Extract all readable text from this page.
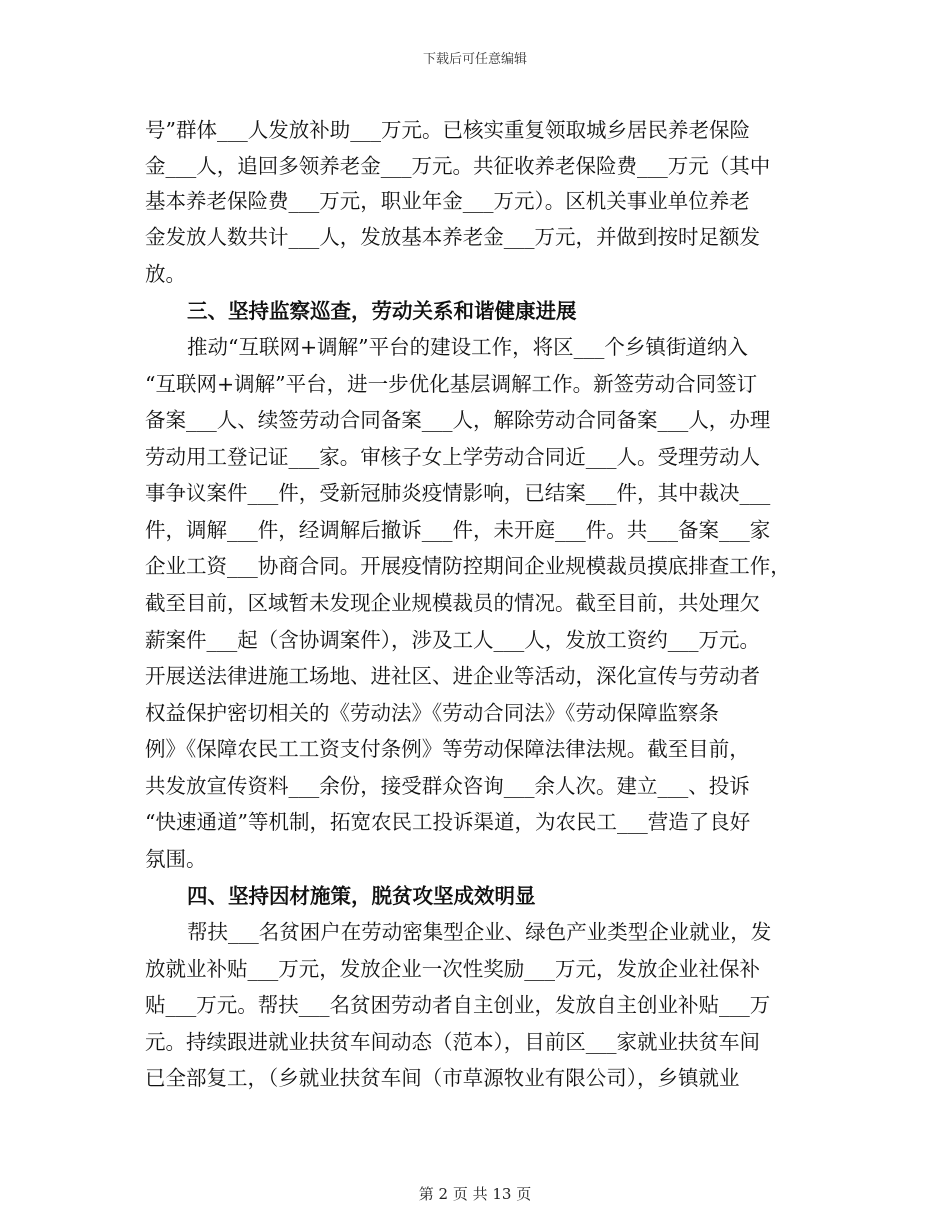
下载后可任意编辑
号”群体___人发放补助___万元。已核实重复领取城乡居民养老保险
金___人，追回多领养老金___万元。共征收养老保险费___万元（其中
基本养老保险费___万元，职业年金___万元）。区机关事业单位养老
金发放人数共计___人，发放基本养老金___万元，并做到按时足额发
放。
三、坚持监察巡查，劳动关系和谐健康进展
推动“互联网+调解”平台的建设工作，将区___个乡镇街道纳入
“互联网+调解”平台，进一步优化基层调解工作。新签劳动合同签订
备案___人、续签劳动合同备案___人，解除劳动合同备案___人，办理
劳动用工登记证___家。审核子女上学劳动合同近___人。受理劳动人
事争议案件___件，受新冠肺炎疫情影响，已结案___件，其中裁决___
件，调解___件，经调解后撤诉___件，未开庭___件。共___备案___家
企业工资___协商合同。开展疫情防控期间企业规模裁员摸底排查工作，
截至目前，区域暂未发现企业规模裁员的情况。截至目前，共处理欠
薪案件___起（含协调案件），涉及工人___人，发放工资约___万元。
开展送法律进施工场地、进社区、进企业等活动，深化宣传与劳动者
权益保护密切相关的《劳动法》《劳动合同法》《劳动保障监察条
例》《保障农民工工资支付条例》等劳动保障法律法规。截至目前，
共发放宣传资料___余份，接受群众咨询___余人次。建立___、投诉
“快速通道”等机制，拓宽农民工投诉渠道，为农民工___营造了良好
氛围。
四、坚持因材施策，脱贫攻坚成效明显
帮扶___名贫困户在劳动密集型企业、绿色产业类型企业就业，发
放就业补贴___万元，发放企业一次性奖励___万元，发放企业社保补
贴___万元。帮扶___名贫困劳动者自主创业，发放自主创业补贴___万
元。持续跟进就业扶贫车间动态（范本），目前区___家就业扶贫车间
已全部复工，（乡就业扶贫车间（市草源牧业有限公司），乡镇就业
第 2 页 共 13 页
